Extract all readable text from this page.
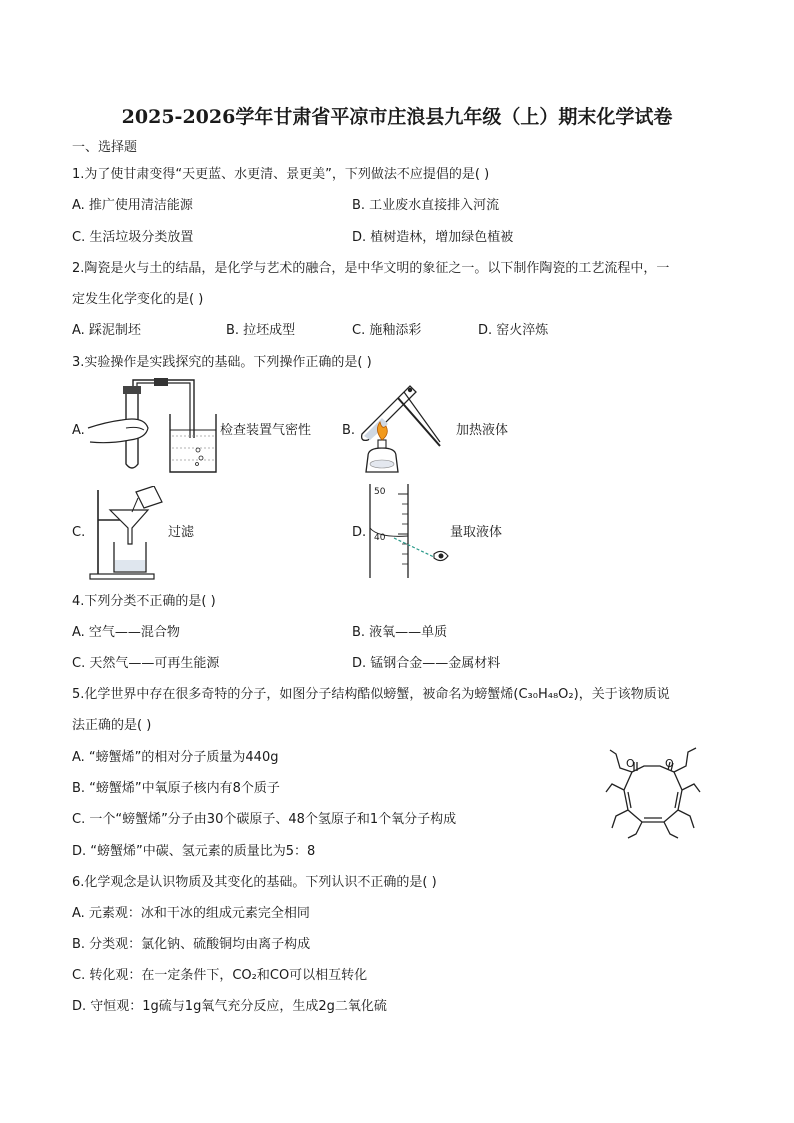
2025-2026学年甘肃省平凉市庄浪县九年级（上）期末化学试卷
一、选择题
1.为了使甘肃变得“天更蓝、水更清、景更美”，下列做法不应提倡的是( )
A. 推广使用清洁能源	B. 工业废水直接排入河流
C. 生活垃圾分类放置	D. 植树造林，增加绿色植被
2.陶瓷是火与土的结晶，是化学与艺术的融合，是中华文明的象征之一。以下制作陶瓷的工艺流程中，一
定发生化学变化的是( )
A. 踩泥制坯	B. 拉坯成型	C. 施釉添彩	D. 窑火淬炼
3.实验操作是实践探究的基础。下列操作正确的是( )
A.	检查装置气密性 B.	加热液体
C.	过滤	D.
50
40	量取液体
4.下列分类不正确的是( )
A. 空气——混合物	B. 液氧——单质
C. 天然气——可再生能源	D. 锰钢合金——金属材料
5.化学世界中存在很多奇特的分子，如图分子结构酷似螃蟹，被命名为螃蟹烯(C₃₀H₄₈O₂)，关于该物质说
法正确的是( )
A. “螃蟹烯”的相对分子质量为440g
B. “螃蟹烯”中氧原子核内有8个质子
C. 一个“螃蟹烯”分子由30个碳原子、48个氢原子和1个氧分子构成
D. “螃蟹烯”中碳、氢元素的质量比为5：8
O	O
6.化学观念是认识物质及其变化的基础。下列认识不正确的是( )
A. 元素观：冰和干冰的组成元素完全相同
B. 分类观：氯化钠、硫酸铜均由离子构成
C. 转化观：在一定条件下，CO₂和CO可以相互转化
D. 守恒观：1g硫与1g氧气充分反应，生成2g二氧化硫
